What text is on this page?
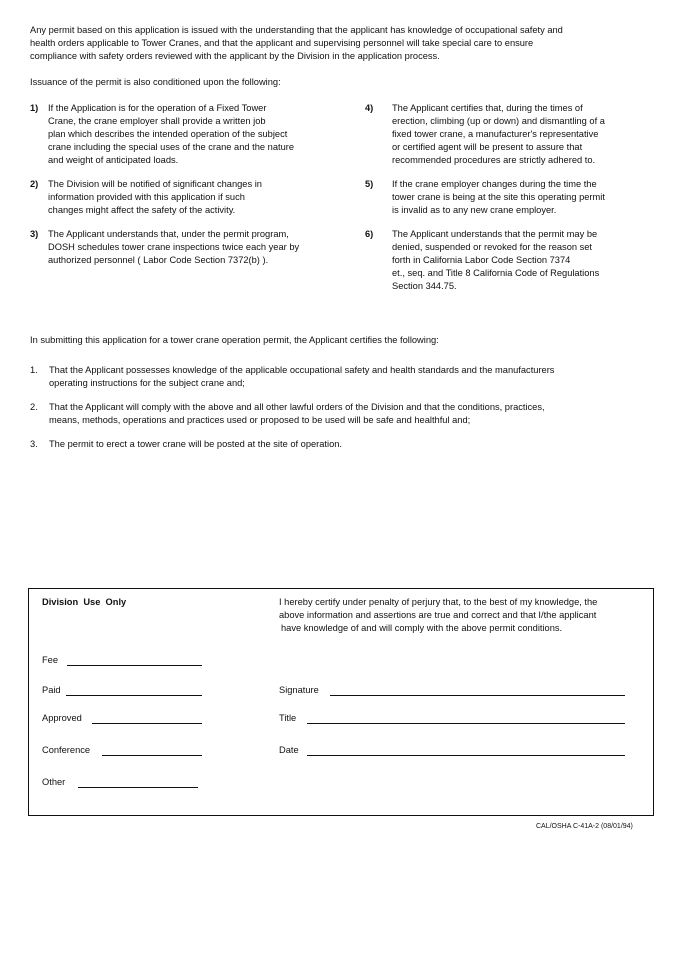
Any permit based on this application is issued with the understanding that the applicant has knowledge of occupational safety and
health orders applicable to Tower Cranes, and that the applicant and supervising personnel will take special care to ensure
compliance with safety orders reviewed with the applicant by the Division in the application process.
Issuance of the permit is also conditioned upon the following:
1)	If the Application is for the operation of a Fixed Tower
Crane, the crane employer shall provide a written job
plan which describes the intended operation of the subject
crane including the special uses of the crane and the nature
and weight of anticipated loads.
2)	The Division will be notified of significant changes in
information provided with this application if such
changes might affect the safety of the activity.
3)	The Applicant understands that, under the permit program,
DOSH schedules tower crane inspections twice each year by
authorized personnel ( Labor Code Section 7372(b) ).
4)	The Applicant certifies that, during the times of
erection, climbing (up or down) and dismantling of a
fixed tower crane, a manufacturer's representative
or certified agent will be present to assure that
recommended procedures are strictly adhered to.
5)	If the crane employer changes during the time the
tower crane is being at the site this operating permit
is invalid as to any new crane employer.
6)	The Applicant understands that the permit may be
denied, suspended or revoked for the reason set
forth in California Labor Code Section 7374
et., seq. and Title 8 California Code of Regulations
Section 344.75.
In submitting this application for a tower crane operation permit, the Applicant certifies the following:
1.	That the Applicant possesses knowledge of the applicable occupational safety and health standards and the manufacturers
operating instructions for the subject crane and;
2.	That the Applicant will comply with the above and all other lawful orders of the Division and that the conditions, practices,
means, methods, operations and practices used or proposed to be used will be safe and healthful and;
3.	The permit to erect a tower crane will be posted at the site of operation.
Division  Use  Only	I hereby certify under penalty of perjury that, to the best of my knowledge, the
above information and assertions are true and correct and that I/the applicant
have knowledge of and will comply with the above permit conditions.
Fee
Paid
Approved
Conference
Other
Signature
Title
Date
CAL/OSHA C-41A-2 (08/01/94)
